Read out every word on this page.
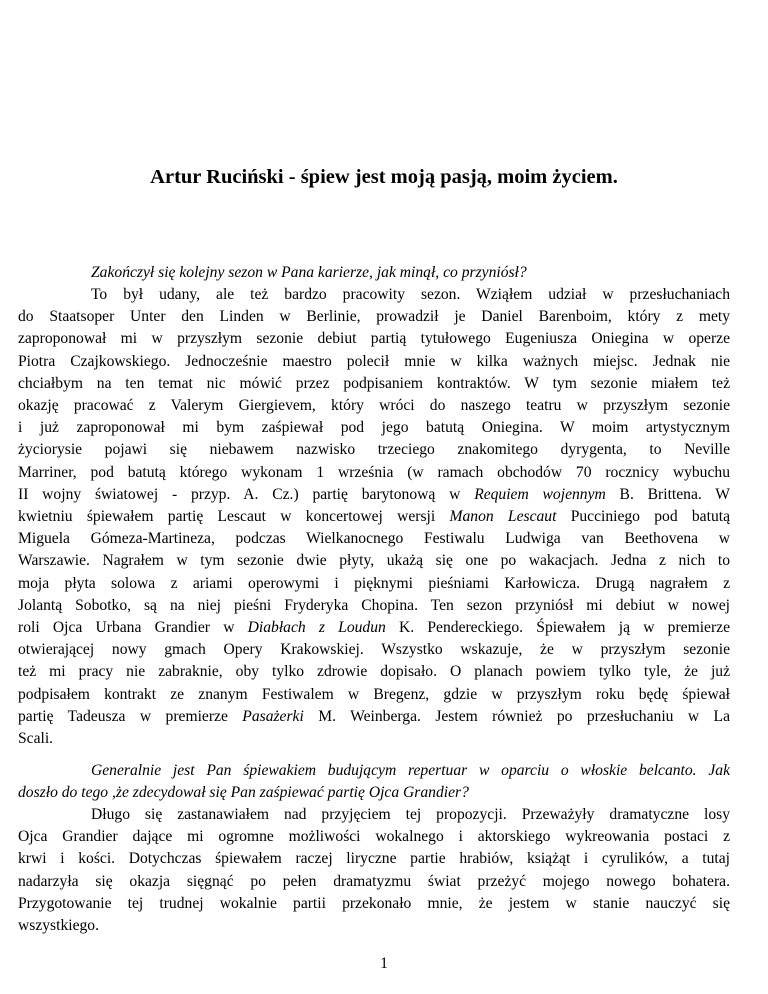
Artur Ruciński - śpiew jest moją pasją, moim życiem.

Zakończył się kolejny sezon w Pana karierze, jak minął, co przyniósł?

To był udany, ale też bardzo pracowity sezon. Wziąłem udział w przesłuchaniach
do Staatsoper Unter den Linden w Berlinie, prowadził je Daniel Barenboim, który z mety
zaproponował mi w przyszłym sezonie debiut partią tytułowego Eugeniusza Oniegina w operze
Piotra Czajkowskiego. Jednocześnie maestro polecił mnie w kilka ważnych miejsc. Jednak nie
chciałbym na ten temat nic mówić przez podpisaniem kontraktów. W tym sezonie miałem też
okazję pracować z Valerym Giergievem, który wróci do naszego teatru w przyszłym sezonie
i już zaproponował mi bym zaśpiewał pod jego batutą Oniegina. W moim artystycznym
życiorysie pojawi się niebawem nazwisko trzeciego znakomitego dyrygenta, to Neville
Marriner, pod batutą którego wykonam 1 września (w ramach obchodów 70 rocznicy wybuchu
II wojny światowej - przyp. A. Cz.) partię barytonową w Requiem wojennym B. Brittena. W
kwietniu śpiewałem partię Lescaut w koncertowej wersji Manon Lescaut Pucciniego pod batutą
Miguela Gómeza-Martineza, podczas Wielkanocnego Festiwalu Ludwiga van Beethovena w
Warszawie. Nagrałem w tym sezonie dwie płyty, ukażą się one po wakacjach. Jedna z nich to
moja płyta solowa z ariami operowymi i pięknymi pieśniami Karłowicza. Drugą nagrałem z
Jolantą Sobotko, są na niej pieśni Fryderyka Chopina. Ten sezon przyniósł mi debiut w nowej
roli Ojca Urbana Grandier w Diabłach z Loudun K. Pendereckiego. Śpiewałem ją w premierze
otwierającej nowy gmach Opery Krakowskiej. Wszystko wskazuje, że w przyszłym sezonie
też mi pracy nie zabraknie, oby tylko zdrowie dopisało. O planach powiem tylko tyle, że już
podpisałem kontrakt ze znanym Festiwalem w Bregenz, gdzie w przyszłym roku będę śpiewał
partię Tadeusza w premierze Pasażerki M. Weinberga. Jestem również po przesłuchaniu w La
Scali.
Generalnie jest Pan śpiewakiem budującym repertuar w oparciu o włoskie belcanto. Jak
doszło do tego ,że zdecydował się Pan zaśpiewać partię Ojca Grandier?
Długo się zastanawiałem nad przyjęciem tej propozycji. Przeważyły dramatyczne losy
Ojca Grandier dające mi ogromne możliwości wokalnego i aktorskiego wykreowania postaci z
krwi i kości. Dotychczas śpiewałem raczej liryczne partie hrabiów, książąt i cyrulików, a tutaj
nadarzyła się okazja sięgnąć po pełen dramatyzmu świat przeżyć mojego nowego bohatera.
Przygotowanie tej trudnej wokalnie partii przekonało mnie, że jestem w stanie nauczyć się
wszystkiego.
1
